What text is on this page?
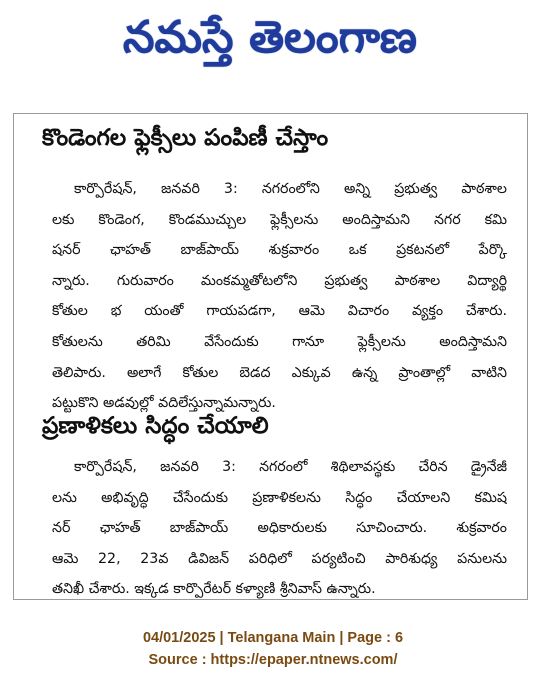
నమస్తే తెలంగాణ
కొండెంగల ఫ్లెక్సీలు పంపిణీ చేస్తాం
కార్పొరేషన్, జనవరి 3: నగరంలోని అన్ని ప్రభుత్వ పాఠశాల
లకు కొండెంగ, కొండముచ్చుల ఫ్లెక్సీలను అందిస్తామని నగర కమి
షనర్ ఛాహత్ బాజ్‌పాయ్ శుక్రవారం ఒక ప్రకటనలో పేర్కొ
న్నారు. గురువారం మంకమ్మతోటలోని ప్రభుత్వ పాఠశాల విద్యార్థి
కోతుల భ యంతో గాయపడగా, ఆమె విచారం వ్యక్తం చేశారు.
కోతులను తరిమి వేసేందుకు గానూ ఫ్లెక్సీలను అందిస్తామని
తెలిపారు. అలాగే కోతుల బెడద ఎక్కువ ఉన్న ప్రాంతాల్లో వాటిని
పట్టుకొని అడవుల్లో వదిలేస్తున్నామన్నారు.
ప్రణాళికలు సిద్ధం చేయాలి
కార్పొరేషన్, జనవరి 3: నగరంలో శిథిలావస్థకు చేరిన డ్రైనేజీ
లను అభివృద్ధి చేసేందుకు ప్రణాళికలను సిద్ధం చేయాలని కమిష
నర్ ఛాహత్ బాజ్‌పాయ్ అధికారులకు సూచించారు. శుక్రవారం
ఆమె 22, 23వ డివిజన్ పరిధిలో పర్యటించి పారిశుధ్య పనులను
తనిఖీ చేశారు. ఇక్కడ కార్పొరేటర్ కళ్యాణి శ్రీనివాస్ ఉన్నారు.
04/01/2025 | Telangana Main | Page : 6
Source : https://epaper.ntnews.com/
